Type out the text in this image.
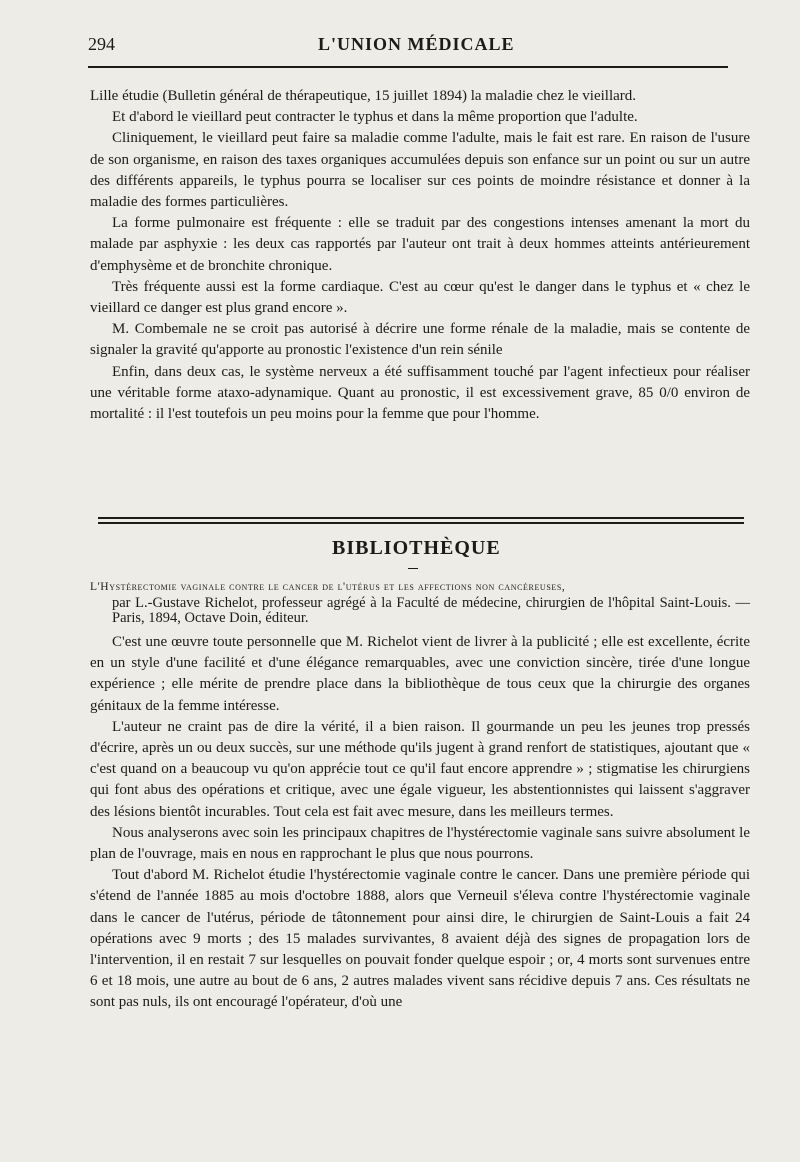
294	L'UNION MÉDICALE

Lille étudie (Bulletin général de thérapeutique, 15 juillet 1894) la maladie chez le vieillard.

Et d'abord le vieillard peut contracter le typhus et dans la même proportion que l'adulte.

Cliniquement, le vieillard peut faire sa maladie comme l'adulte, mais le fait est rare. En raison de l'usure de son organisme, en raison des taxes organiques accumulées depuis son enfance sur un point ou sur un autre des différents appareils, le typhus pourra se localiser sur ces points de moindre résistance et donner à la maladie des formes particulières.

La forme pulmonaire est fréquente : elle se traduit par des congestions intenses amenant la mort du malade par asphyxie : les deux cas rapportés par l'auteur ont trait à deux hommes atteints antérieurement d'emphysème et de bronchite chronique.

Très fréquente aussi est la forme cardiaque. C'est au cœur qu'est le danger dans le typhus et « chez le vieillard ce danger est plus grand encore ».

M. Combemale ne se croit pas autorisé à décrire une forme rénale de la maladie, mais se contente de signaler la gravité qu'apporte au pronostic l'existence d'un rein sénile

Enfin, dans deux cas, le système nerveux a été suffisamment touché par l'agent infectieux pour réaliser une véritable forme ataxo-adynamique. Quant au pronostic, il est excessivement grave, 85 0/0 environ de mortalité : il l'est toutefois un peu moins pour la femme que pour l'homme.

BIBLIOTHÈQUE
L'Hystérectomie vaginale contre le cancer de l'utérus et les affections non cancéreuses,
par L.-Gustave Richelot, professeur agrégé à la Faculté de médecine, chirurgien de l'hôpital Saint-Louis. — Paris, 1894, Octave Doin, éditeur.

C'est une œuvre toute personnelle que M. Richelot vient de livrer à la publicité ; elle est excellente, écrite en un style d'une facilité et d'une élégance remarquables, avec une conviction sincère, tirée d'une longue expérience ; elle mérite de prendre place dans la bibliothèque de tous ceux que la chirurgie des organes génitaux de la femme intéresse.

L'auteur ne craint pas de dire la vérité, il a bien raison. Il gourmande un peu les jeunes trop pressés d'écrire, après un ou deux succès, sur une méthode qu'ils jugent à grand renfort de statistiques, ajoutant que « c'est quand on a beaucoup vu qu'on apprécie tout ce qu'il faut encore apprendre » ; stigmatise les chirurgiens qui font abus des opérations et critique, avec une égale vigueur, les abstentionnistes qui laissent s'aggraver des lésions bientôt incurables. Tout cela est fait avec mesure, dans les meilleurs termes.

Nous analyserons avec soin les principaux chapitres de l'hystérectomie vaginale sans suivre absolument le plan de l'ouvrage, mais en nous en rapprochant le plus que nous pourrons.

Tout d'abord M. Richelot étudie l'hystérectomie vaginale contre le cancer. Dans une première période qui s'étend de l'année 1885 au mois d'octobre 1888, alors que Verneuil s'éleva contre l'hystérectomie vaginale dans le cancer de l'utérus, période de tâtonnement pour ainsi dire, le chirurgien de Saint-Louis a fait 24 opérations avec 9 morts ; des 15 malades survivantes, 8 avaient déjà des signes de propagation lors de l'intervention, il en restait 7 sur lesquelles on pouvait fonder quelque espoir ; or, 4 morts sont survenues entre 6 et 18 mois, une autre au bout de 6 ans, 2 autres malades vivent sans récidive depuis 7 ans. Ces résultats ne sont pas nuls, ils ont encouragé l'opérateur, d'où une
